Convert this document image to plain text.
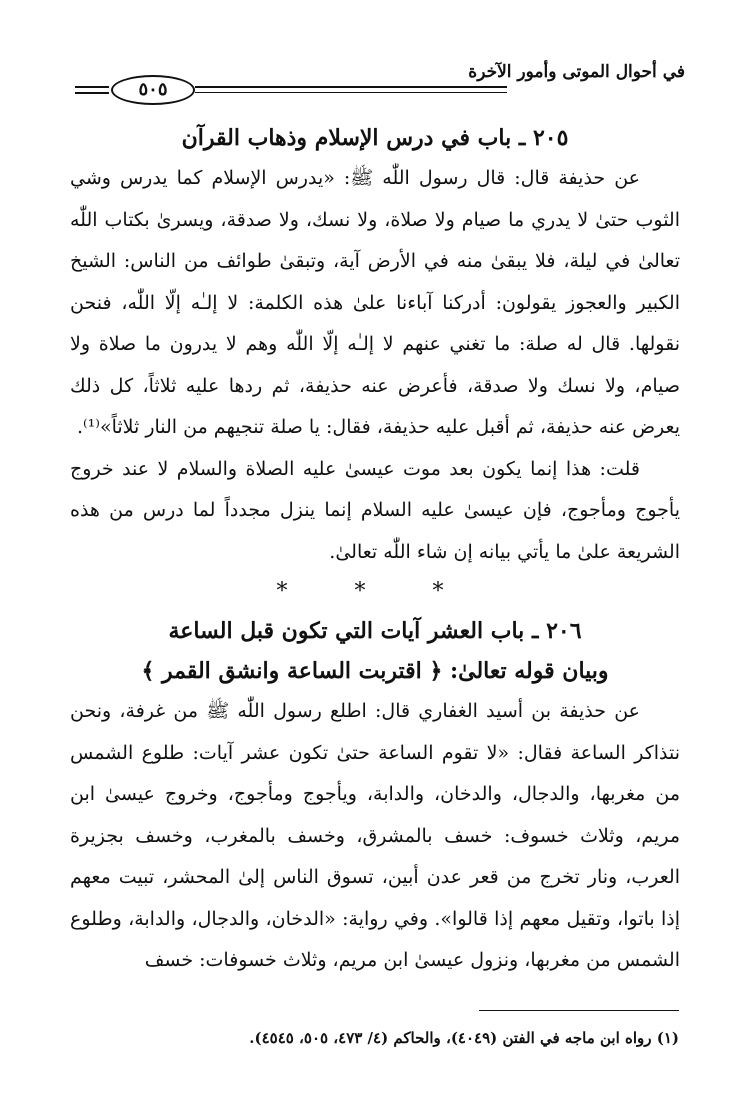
في أحوال الموتى وأمور الآخرة
٥٠٥
٢٠٥ ـ باب في درس الإسلام وذهاب القرآن

عن حذيفة قال: قال رسول اللّٰه ﷺ: «يدرس الإسلام كما يدرس وشي الثوب حتىٰ لا يدري ما صيام ولا صلاة، ولا نسك، ولا صدقة، ويسرىٰ بكتاب اللّٰه تعالىٰ في ليلة، فلا يبقىٰ منه في الأرض آية، وتبقىٰ طوائف من الناس: الشيخ الكبير والعجوز يقولون: أدركنا آباءنا علىٰ هذه الكلمة: لا إلـٰه إلّا اللّٰه، فنحن نقولها. قال له صلة: ما تغني عنهم لا إلـٰه إلّا اللّٰه وهم لا يدرون ما صلاة ولا صيام، ولا نسك ولا صدقة، فأعرض عنه حذيفة، ثم ردها عليه ثلاثاً، كل ذلك يعرض عنه حذيفة، ثم أقبل عليه حذيفة، فقال: يا صلة تنجيهم من النار ثلاثاً»⁽¹⁾.

قلت: هذا إنما يكون بعد موت عيسىٰ عليه الصلاة والسلام لا عند خروج يأجوج ومأجوج، فإن عيسىٰ عليه السلام إنما ينزل مجدداً لما درس من هذه الشريعة علىٰ ما يأتي بيانه إن شاء اللّٰه تعالىٰ.

* * *
٢٠٦ ـ باب العشر آيات التي تكون قبل الساعة
وبيان قوله تعالىٰ: ﴿ اقتربت الساعة وانشق القمر ﴾

عن حذيفة بن أسيد الغفاري قال: اطلع رسول اللّٰه ﷺ من غرفة، ونحن نتذاكر الساعة فقال: «لا تقوم الساعة حتىٰ تكون عشر آيات: طلوع الشمس من مغربها، والدجال، والدخان، والدابة، ويأجوج ومأجوج، وخروج عيسىٰ ابن مريم، وثلاث خسوف: خسف بالمشرق، وخسف بالمغرب، وخسف بجزيرة العرب، ونار تخرج من قعر عدن أبين، تسوق الناس إلىٰ المحشر، تبيت معهم إذا باتوا، وتقيل معهم إذا قالوا». وفي رواية: «الدخان، والدجال، والدابة، وطلوع الشمس من مغربها، ونزول عيسىٰ ابن مريم، وثلاث خسوفات: خسف

(١) رواه ابن ماجه في الفتن (٤٠٤٩)، والحاكم (٤/ ٤٧٣، ٥٠٥، ٤٥٤٥).
